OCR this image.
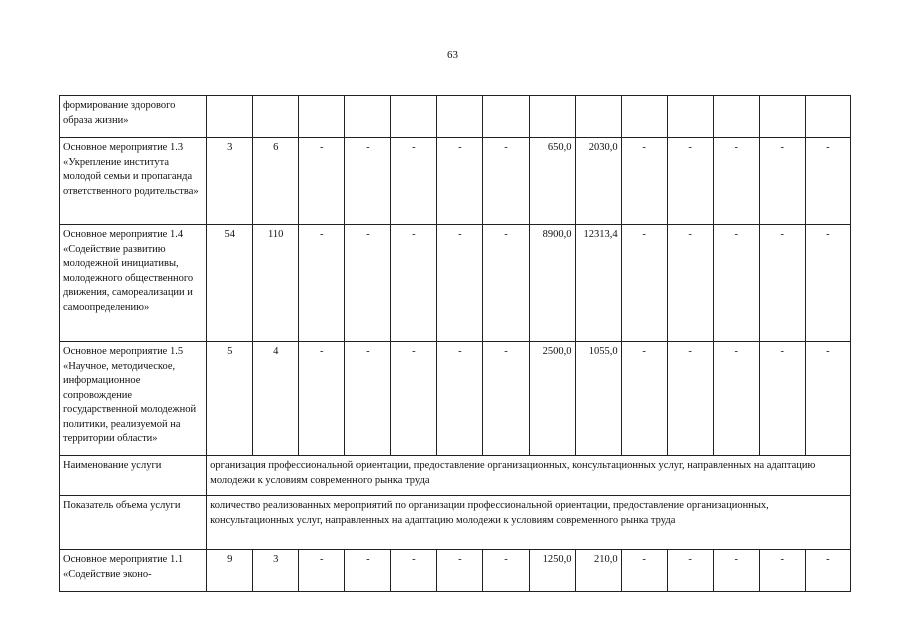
63
формирование здорового образа жизни»														
Основное мероприятие 1.3 «Укрепление института молодой семьи и пропаганда ответственного родительства»	3	6	-	-	-	-	-	650,0	2030,0	-	-	-	-	-
Основное мероприятие 1.4 «Содействие развитию молодежной инициативы, молодежного общественного движения, самореализации и самоопределению»	54	110	-	-	-	-	-	8900,0	12313,4	-	-	-	-	-
Основное мероприятие 1.5 «Научное, методическое, информационное сопровождение государственной молодежной политики, реализуемой на территории области»	5	4	-	-	-	-	-	2500,0	1055,0	-	-	-	-	-
Наименование услуги	организация профессиональной ориентации, предоставление организационных, консультационных услуг, направленных на адаптацию молодежи к условиям современного рынка труда													
Показатель объема услуги	количество реализованных мероприятий по организации профессиональной ориентации, предоставление организационных, консультационных услуг, направленных на адаптацию молодежи к условиям современного рынка труда													
Основное мероприятие 1.1 «Содействие эконо-	9	3	-	-	-	-	-	1250,0	210,0	-	-	-	-	-
